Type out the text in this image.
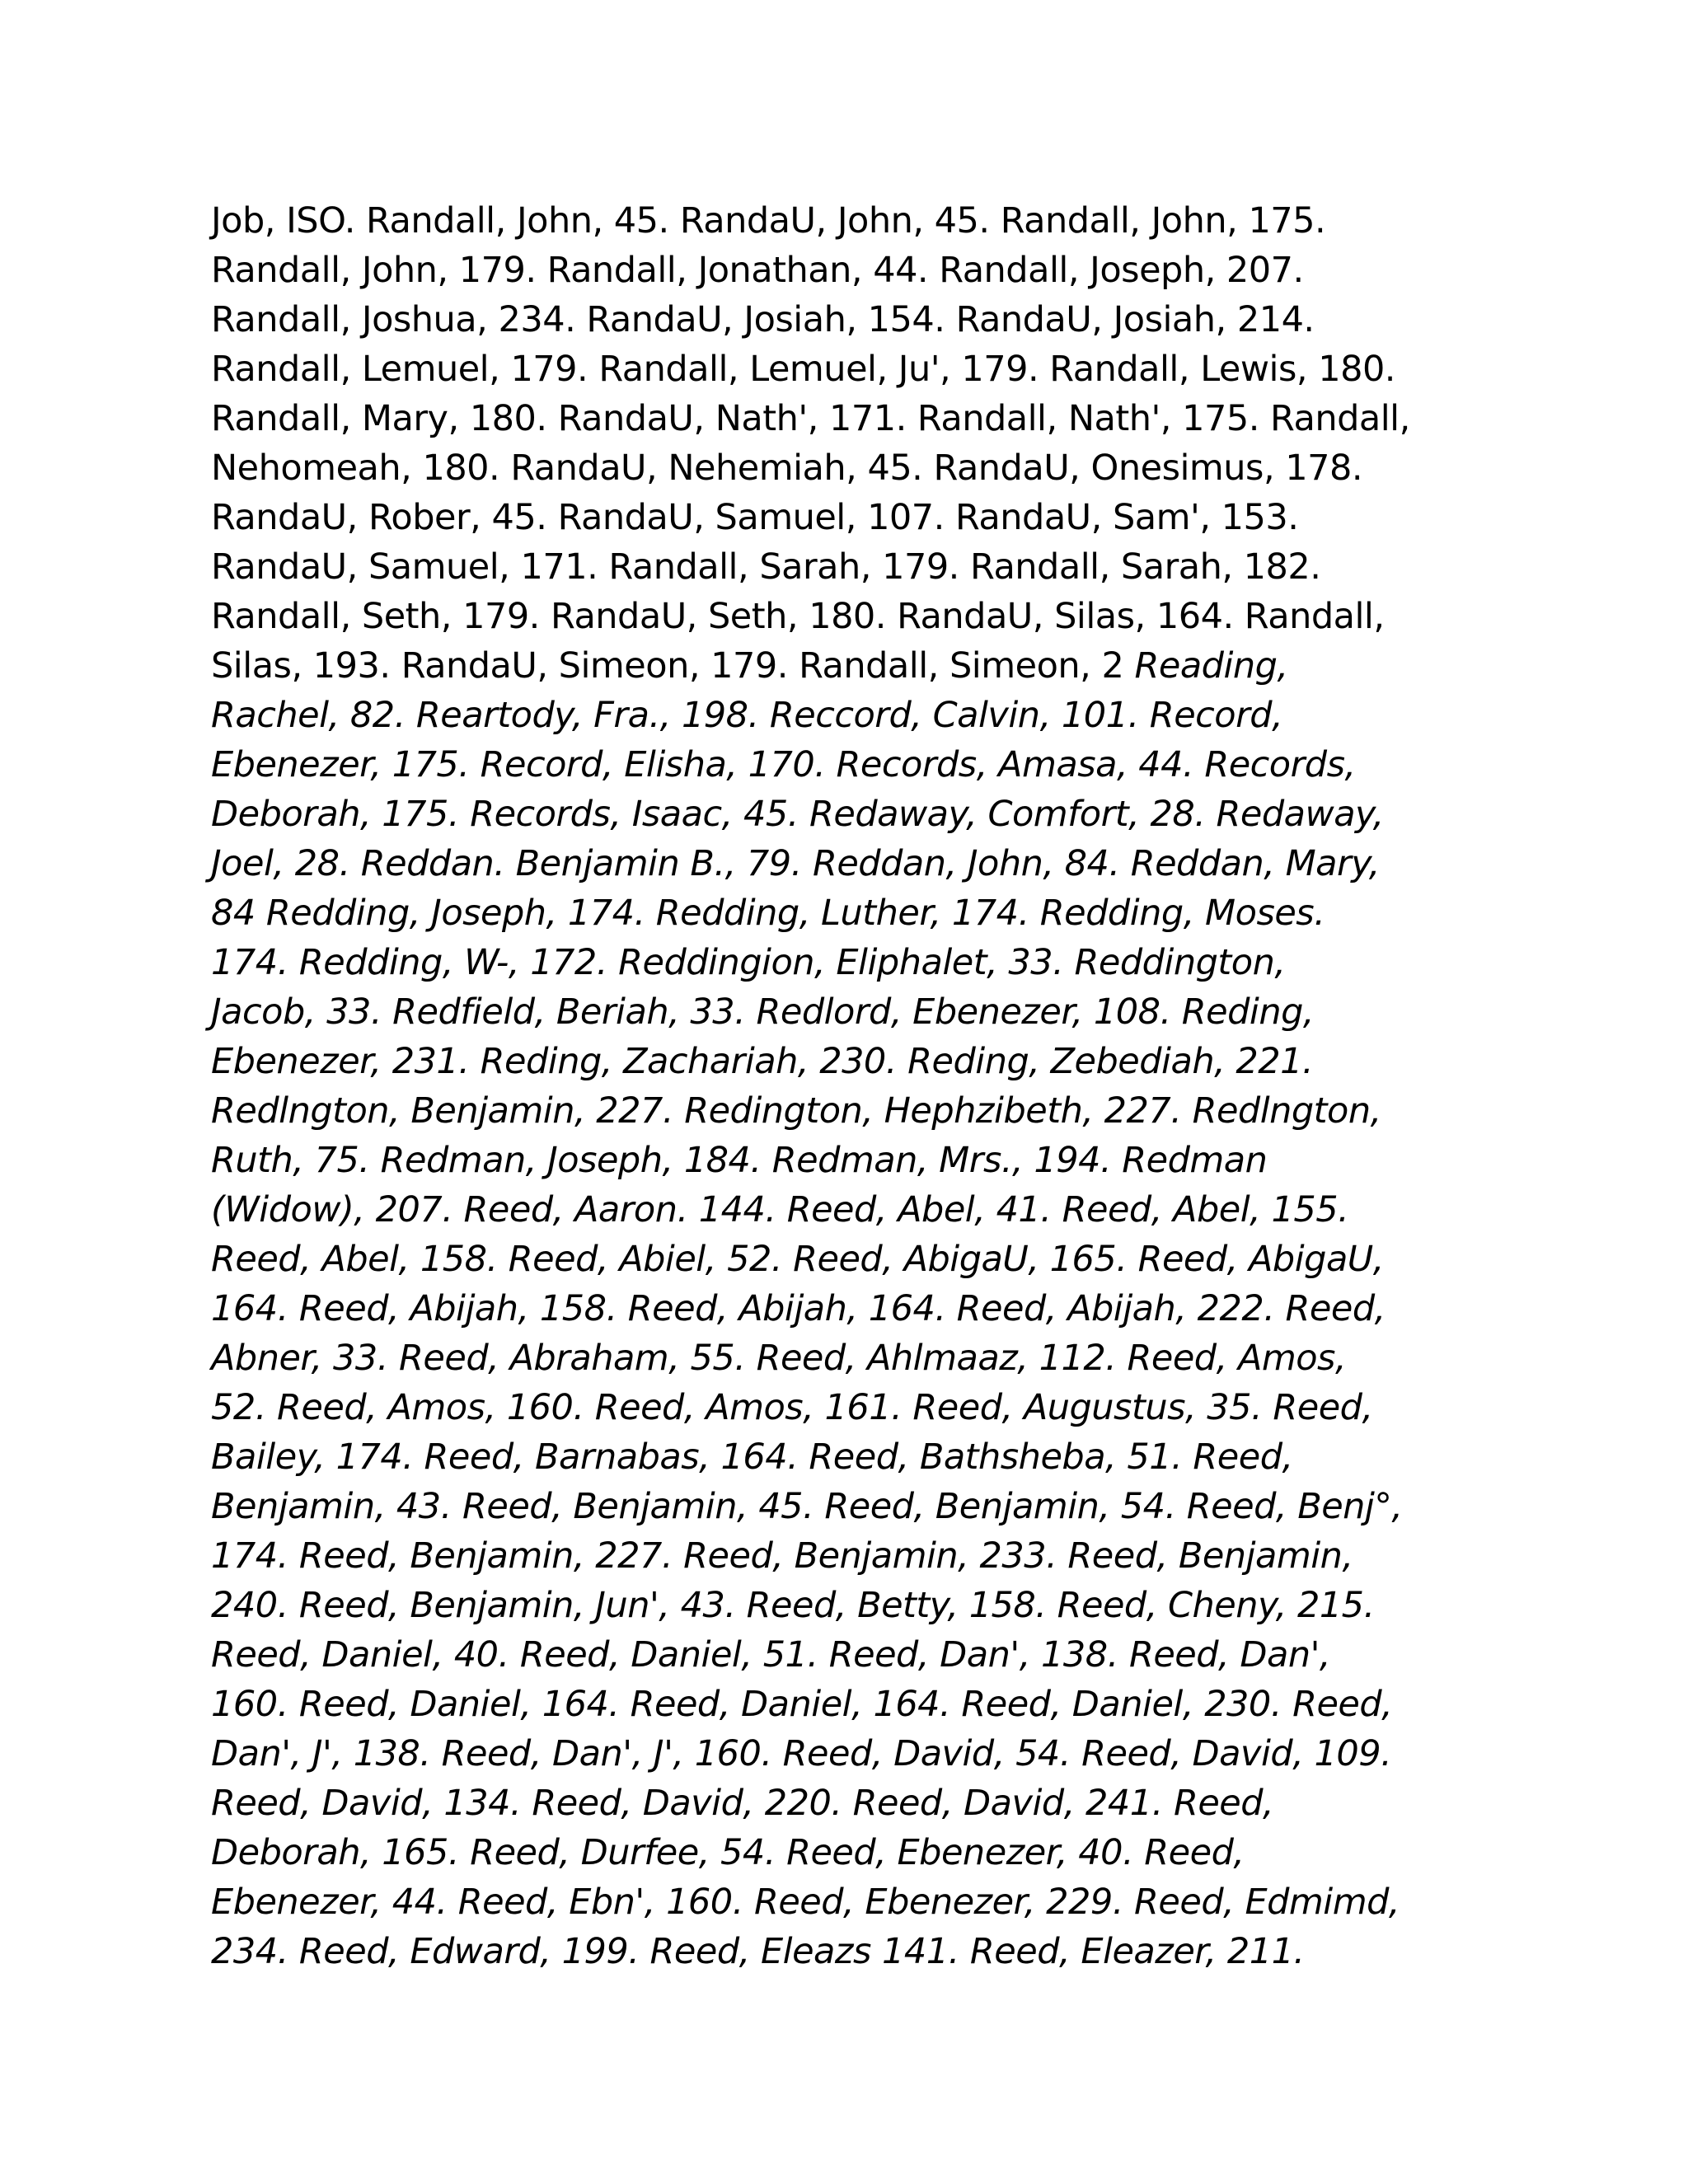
Job, ISO. Randall, John, 45. RandaU, John, 45. Randall, John, 175.
Randall, John, 179. Randall, Jonathan, 44. Randall, Joseph, 207.
Randall, Joshua, 234. RandaU, Josiah, 154. RandaU, Josiah, 214.
Randall, Lemuel, 179. Randall, Lemuel, Ju', 179. Randall, Lewis, 180.
Randall, Mary, 180. RandaU, Nath', 171. Randall, Nath', 175. Randall,
Nehomeah, 180. RandaU, Nehemiah, 45. RandaU, Onesimus, 178.
RandaU, Rober, 45. RandaU, Samuel, 107. RandaU, Sam', 153.
RandaU, Samuel, 171. Randall, Sarah, 179. Randall, Sarah, 182.
Randall, Seth, 179. RandaU, Seth, 180. RandaU, Silas, 164. Randall,
Silas, 193. RandaU, Simeon, 179. Randall, Simeon, 2 Reading,
Rachel, 82. Reartody, Fra., 198. Reccord, Calvin, 101. Record,
Ebenezer, 175. Record, Elisha, 170. Records, Amasa, 44. Records,
Deborah, 175. Records, Isaac, 45. Redaway, Comfort, 28. Redaway,
Joel, 28. Reddan. Benjamin B., 79. Reddan, John, 84. Reddan, Mary,
84 Redding, Joseph, 174. Redding, Luther, 174. Redding, Moses.
174. Redding, W-, 172. Reddingion, Eliphalet, 33. Reddington,
Jacob, 33. Redfield, Beriah, 33. Redlord, Ebenezer, 108. Reding,
Ebenezer, 231. Reding, Zachariah, 230. Reding, Zebediah, 221.
Redlngton, Benjamin, 227. Redington, Hephzibeth, 227. Redlngton,
Ruth, 75. Redman, Joseph, 184. Redman, Mrs., 194. Redman
(Widow), 207. Reed, Aaron. 144. Reed, Abel, 41. Reed, Abel, 155.
Reed, Abel, 158. Reed, Abiel, 52. Reed, AbigaU, 165. Reed, AbigaU,
164. Reed, Abijah, 158. Reed, Abijah, 164. Reed, Abijah, 222. Reed,
Abner, 33. Reed, Abraham, 55. Reed, Ahlmaaz, 112. Reed, Amos,
52. Reed, Amos, 160. Reed, Amos, 161. Reed, Augustus, 35. Reed,
Bailey, 174. Reed, Barnabas, 164. Reed, Bathsheba, 51. Reed,
Benjamin, 43. Reed, Benjamin, 45. Reed, Benjamin, 54. Reed, Benj°,
174. Reed, Benjamin, 227. Reed, Benjamin, 233. Reed, Benjamin,
240. Reed, Benjamin, Jun', 43. Reed, Betty, 158. Reed, Cheny, 215.
Reed, Daniel, 40. Reed, Daniel, 51. Reed, Dan', 138. Reed, Dan',
160. Reed, Daniel, 164. Reed, Daniel, 164. Reed, Daniel, 230. Reed,
Dan', J', 138. Reed, Dan', J', 160. Reed, David, 54. Reed, David, 109.
Reed, David, 134. Reed, David, 220. Reed, David, 241. Reed,
Deborah, 165. Reed, Durfee, 54. Reed, Ebenezer, 40. Reed,
Ebenezer, 44. Reed, Ebn', 160. Reed, Ebenezer, 229. Reed, Edmimd,
234. Reed, Edward, 199. Reed, Eleazs 141. Reed, Eleazer, 211.
